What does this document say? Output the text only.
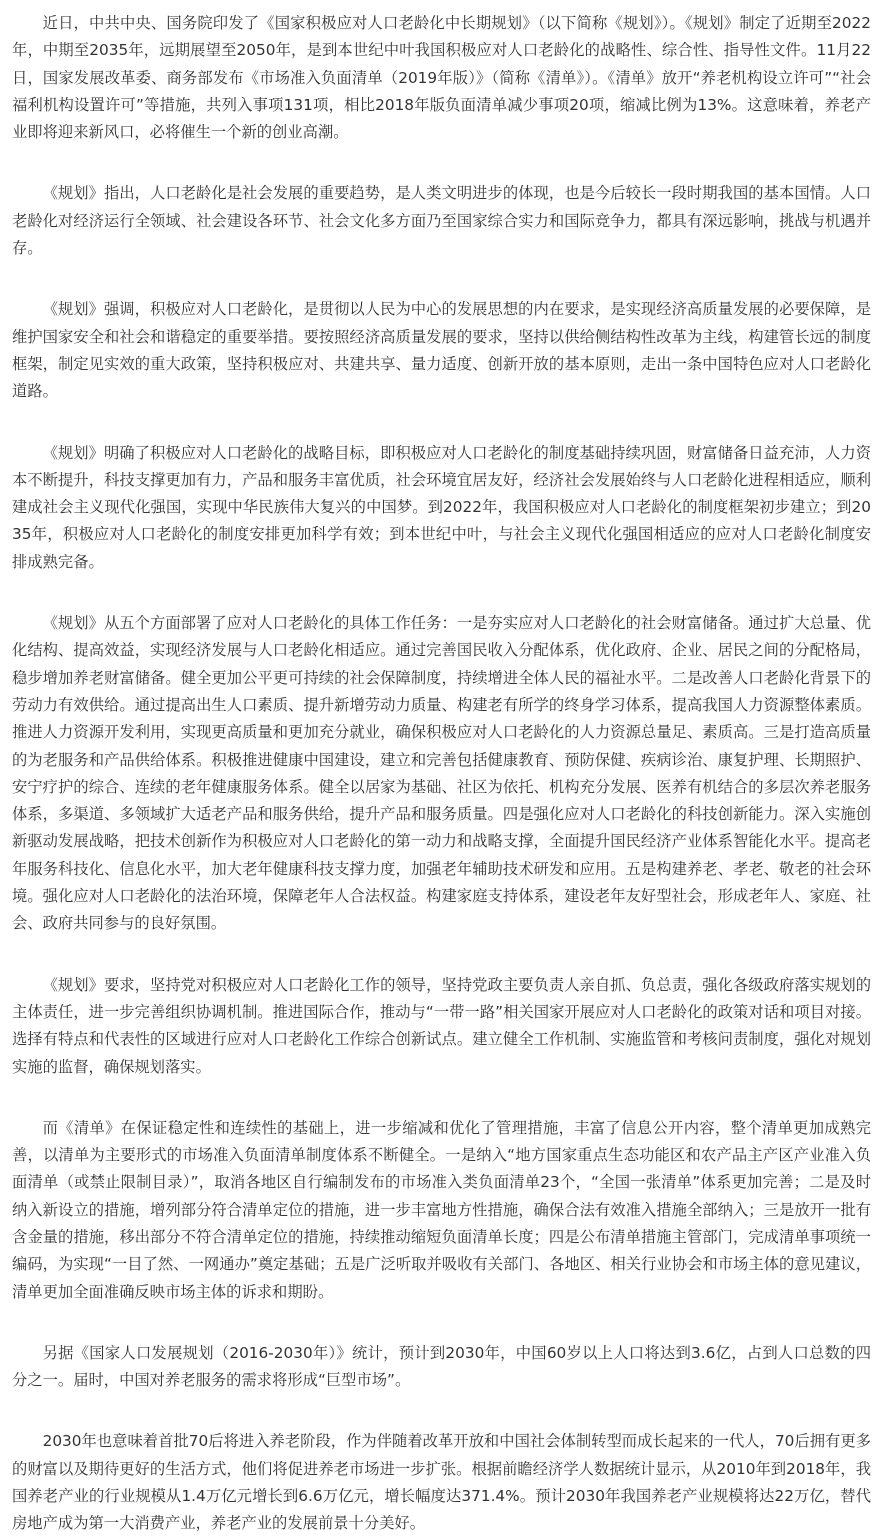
近日，中共中央、国务院印发了《国家积极应对人口老龄化中长期规划》（以下简称《规划》）。《规划》制定了近期至2022年，中期至2035年，远期展望至2050年，是到本世纪中叶我国积极应对人口老龄化的战略性、综合性、指导性文件。11月22日，国家发展改革委、商务部发布《市场准入负面清单（2019年版）》（简称《清单》）。《清单》放开“养老机构设立许可”“社会福利机构设置许可”等措施，共列入事项131项，相比2018年版负面清单减少事项20项，缩减比例为13%。这意味着，养老产业即将迎来新风口，必将催生一个新的创业高潮。

《规划》指出，人口老龄化是社会发展的重要趋势，是人类文明进步的体现，也是今后较长一段时期我国的基本国情。人口老龄化对经济运行全领域、社会建设各环节、社会文化多方面乃至国家综合实力和国际竞争力，都具有深远影响，挑战与机遇并存。

《规划》强调，积极应对人口老龄化，是贯彻以人民为中心的发展思想的内在要求，是实现经济高质量发展的必要保障，是维护国家安全和社会和谐稳定的重要举措。要按照经济高质量发展的要求，坚持以供给侧结构性改革为主线，构建管长远的制度框架，制定见实效的重大政策，坚持积极应对、共建共享、量力适度、创新开放的基本原则，走出一条中国特色应对人口老龄化道路。

《规划》明确了积极应对人口老龄化的战略目标，即积极应对人口老龄化的制度基础持续巩固，财富储备日益充沛，人力资本不断提升，科技支撑更加有力，产品和服务丰富优质，社会环境宜居友好，经济社会发展始终与人口老龄化进程相适应，顺利建成社会主义现代化强国，实现中华民族伟大复兴的中国梦。到2022年，我国积极应对人口老龄化的制度框架初步建立；到2035年，积极应对人口老龄化的制度安排更加科学有效；到本世纪中叶，与社会主义现代化强国相适应的应对人口老龄化制度安排成熟完备。

《规划》从五个方面部署了应对人口老龄化的具体工作任务：一是夯实应对人口老龄化的社会财富储备。通过扩大总量、优化结构、提高效益，实现经济发展与人口老龄化相适应。通过完善国民收入分配体系，优化政府、企业、居民之间的分配格局，稳步增加养老财富储备。健全更加公平更可持续的社会保障制度，持续增进全体人民的福祉水平。二是改善人口老龄化背景下的劳动力有效供给。通过提高出生人口素质、提升新增劳动力质量、构建老有所学的终身学习体系，提高我国人力资源整体素质。推进人力资源开发利用，实现更高质量和更加充分就业，确保积极应对人口老龄化的人力资源总量足、素质高。三是打造高质量的为老服务和产品供给体系。积极推进健康中国建设，建立和完善包括健康教育、预防保健、疾病诊治、康复护理、长期照护、安宁疗护的综合、连续的老年健康服务体系。健全以居家为基础、社区为依托、机构充分发展、医养有机结合的多层次养老服务体系，多渠道、多领域扩大适老产品和服务供给，提升产品和服务质量。四是强化应对人口老龄化的科技创新能力。深入实施创新驱动发展战略，把技术创新作为积极应对人口老龄化的第一动力和战略支撑，全面提升国民经济产业体系智能化水平。提高老年服务科技化、信息化水平，加大老年健康科技支撑力度，加强老年辅助技术研发和应用。五是构建养老、孝老、敬老的社会环境。强化应对人口老龄化的法治环境，保障老年人合法权益。构建家庭支持体系，建设老年友好型社会，形成老年人、家庭、社会、政府共同参与的良好氛围。

《规划》要求，坚持党对积极应对人口老龄化工作的领导，坚持党政主要负责人亲自抓、负总责，强化各级政府落实规划的主体责任，进一步完善组织协调机制。推进国际合作，推动与“一带一路”相关国家开展应对人口老龄化的政策对话和项目对接。选择有特点和代表性的区域进行应对人口老龄化工作综合创新试点。建立健全工作机制、实施监管和考核问责制度，强化对规划实施的监督，确保规划落实。

而《清单》在保证稳定性和连续性的基础上，进一步缩减和优化了管理措施，丰富了信息公开内容，整个清单更加成熟完善，以清单为主要形式的市场准入负面清单制度体系不断健全。一是纳入“地方国家重点生态功能区和农产品主产区产业准入负面清单（或禁止限制目录）”，取消各地区自行编制发布的市场准入类负面清单23个，“全国一张清单”体系更加完善；二是及时纳入新设立的措施，增列部分符合清单定位的措施，进一步丰富地方性措施，确保合法有效准入措施全部纳入；三是放开一批有含金量的措施，移出部分不符合清单定位的措施，持续推动缩短负面清单长度；四是公布清单措施主管部门，完成清单事项统一编码，为实现“一目了然、一网通办”奠定基础；五是广泛听取并吸收有关部门、各地区、相关行业协会和市场主体的意见建议，清单更加全面准确反映市场主体的诉求和期盼。

另据《国家人口发展规划（2016-2030年）》统计，预计到2030年，中国60岁以上人口将达到3.6亿，占到人口总数的四分之一。届时，中国对养老服务的需求将形成“巨型市场”。

2030年也意味着首批70后将进入养老阶段，作为伴随着改革开放和中国社会体制转型而成长起来的一代人，70后拥有更多的财富以及期待更好的生活方式，他们将促进养老市场进一步扩张。根据前瞻经济学人数据统计显示，从2010年到2018年，我国养老产业的行业规模从1.4万亿元增长到6.6万亿元，增长幅度达371.4%。预计2030年我国养老产业规模将达22万亿，替代房地产成为第一大消费产业，养老产业的发展前景十分美好。
